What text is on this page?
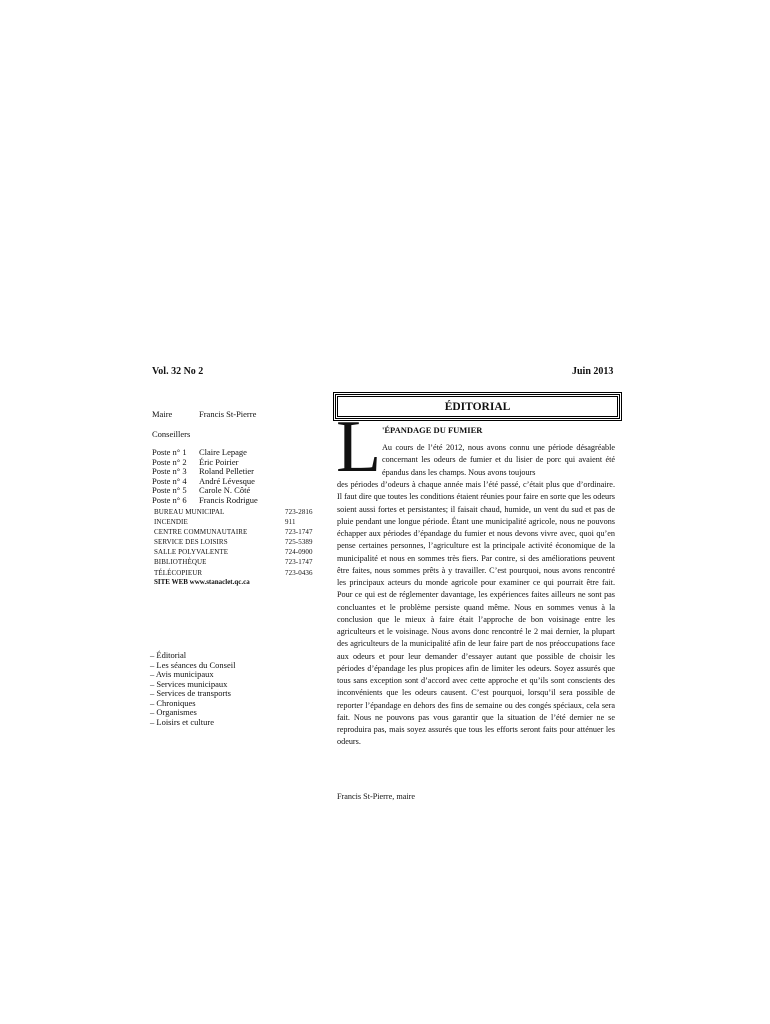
Vol. 32 No 2	Juin 2013
Maire	Francis St-Pierre
Conseillers
Poste n° 1 Claire Lepage
Poste n° 2 Éric Poirier
Poste n° 3 Roland Pelletier
Poste n° 4 André Lévesque
Poste n° 5 Carole N. Côté
Poste n° 6 Francis Rodrigue
BUREAU MUNICIPAL	723-2816
INCENDIE	911
CENTRE COMMUNAUTAIRE	723-1747
SERVICE DES LOISIRS	725-5389
SALLE POLYVALENTE	724-0900
BIBLIOTHÈQUE	723-1747
TÉLÉCOPIEUR	723-0436
SITE WEB www.stanaclet.qc.ca
– Éditorial
– Les séances du Conseil
– Avis municipaux
– Services municipaux
– Services de transports
– Chroniques
– Organismes
– Loisirs et culture
ÉDITORIAL
L 'ÉPANDAGE DU FUMIER
Au cours de l’été 2012, nous avons connu une période désagréable concernant les odeurs de fumier et du lisier de porc qui avaient été épandus dans les champs. Nous avons toujours
des périodes d’odeurs à chaque année mais l’été passé, c’était plus que d’ordinaire. Il faut dire que toutes les conditions étaient réunies pour faire en sorte que les odeurs soient aussi fortes et persistantes; il faisait chaud, humide, un vent du sud et pas de pluie pendant une longue période. Étant une municipalité agricole, nous ne pouvons échapper aux périodes d’épandage du fumier et nous devons vivre avec, quoi qu’en pense certaines personnes, l’agriculture est la principale activité économique de la municipalité et nous en sommes très fiers. Par contre, si des améliorations peuvent être faites, nous sommes prêts à y travailler. C’est pourquoi, nous avons rencontré les principaux acteurs du monde agricole pour examiner ce qui pourrait être fait. Pour ce qui est de réglementer davantage, les expériences faites ailleurs ne sont pas concluantes et le problème persiste quand même. Nous en sommes venus à la conclusion que le mieux à faire était l’approche de bon voisinage entre les agriculteurs et le voisinage. Nous avons donc rencontré le 2 mai dernier, la plupart des agriculteurs de la municipalité afin de leur faire part de nos préoccupations face aux odeurs et pour leur demander d’essayer autant que possible de choisir les périodes d’épandage les plus propices afin de limiter les odeurs. Soyez assurés que tous sans exception sont d’accord avec cette approche et qu’ils sont conscients des inconvénients que les odeurs causent. C’est pourquoi, lorsqu’il sera possible de reporter l’épandage en dehors des fins de semaine ou des congés spéciaux, cela sera fait. Nous ne pouvons pas vous garantir que la situation de l’été dernier ne se reproduira pas, mais soyez assurés que tous les efforts seront faits pour atténuer les odeurs.
Francis St-Pierre, maire
